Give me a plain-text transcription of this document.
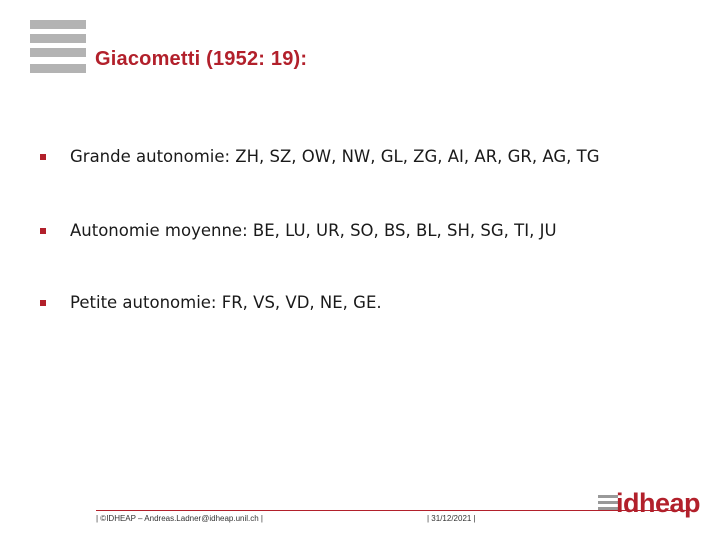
Giacometti (1952: 19):
Grande autonomie: ZH, SZ, OW, NW, GL, ZG, AI, AR, GR, AG, TG
Autonomie moyenne: BE, LU, UR, SO, BS, BL, SH, SG, TI, JU
Petite autonomie: FR, VS, VD, NE, GE.
| ©IDHEAP – Andreas.Ladner@idheap.unil.ch |	| 31/12/2021 |
idheap
